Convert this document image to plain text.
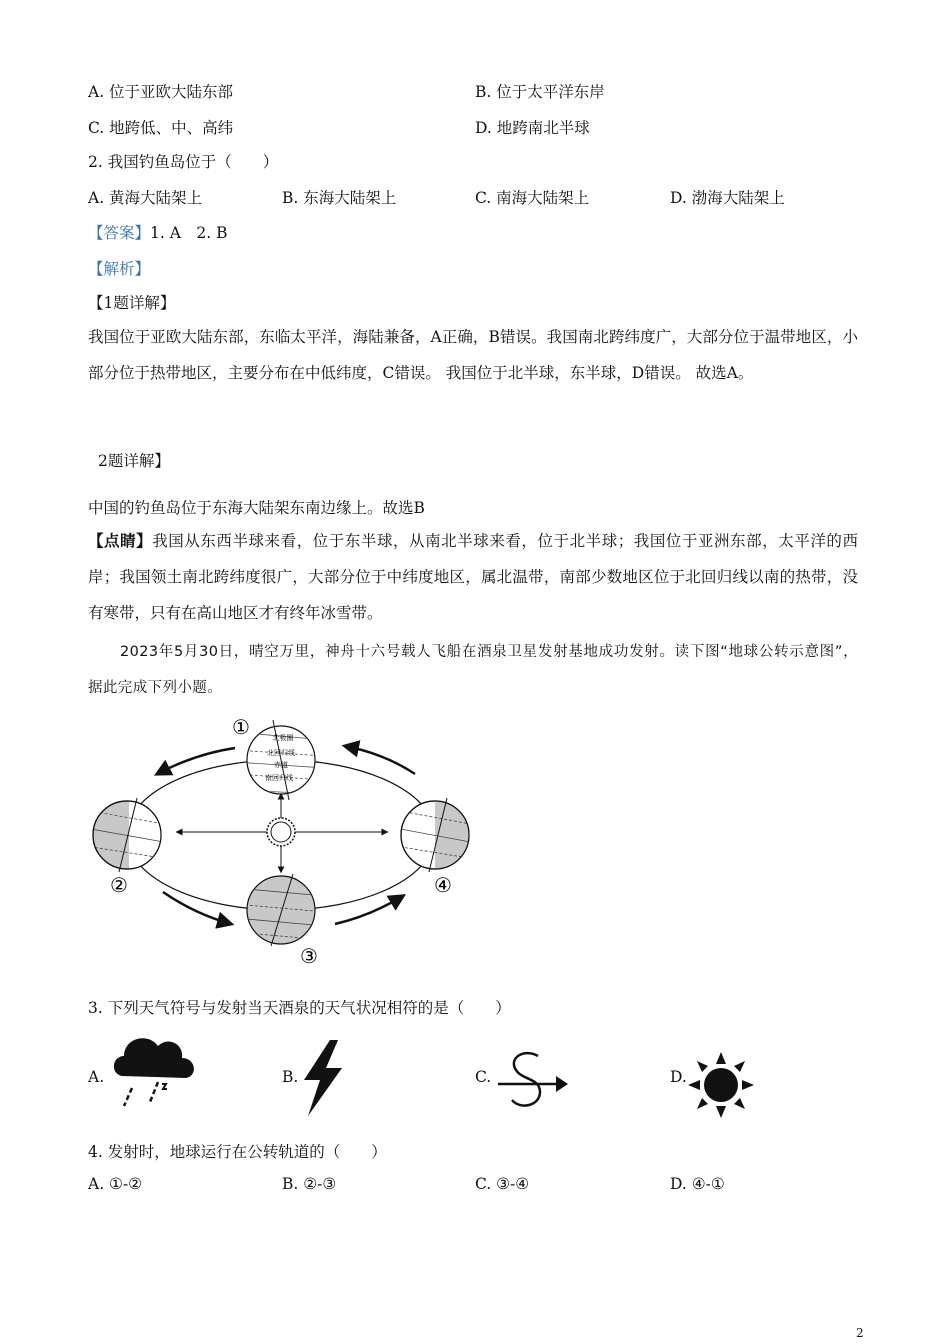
A. 位于亚欧大陆东部	B. 位于太平洋东岸
C. 地跨低、中、高纬	D. 地跨南北半球
2. 我国钓鱼岛位于（　　）
A. 黄海大陆架上	B. 东海大陆架上	C. 南海大陆架上	D. 渤海大陆架上
【答案】1. A　2. B
【解析】
【1题详解】
我国位于亚欧大陆东部，东临太平洋，海陆兼备，A正确，B错误。我国南北跨纬度广，大部分位于温带地区，小部分位于热带地区，主要分布在中低纬度，C错误。 我国位于北半球，东半球，D错误。 故选A。
2题详解】
中国的钓鱼岛位于东海大陆架东南边缘上。故选B
【点睛】我国从东西半球来看，位于东半球，从南北半球来看，位于北半球；我国位于亚洲东部，太平洋的西岸；我国领土南北跨纬度很广，大部分位于中纬度地区，属北温带，南部少数地区位于北回归线以南的热带，没有寒带，只有在高山地区才有终年冰雪带。
2023年5月30日，晴空万里，神舟十六号载人飞船在酒泉卫星发射基地成功发射。读下图“地球公转示意图”，据此完成下列小题。
北极圈
北回归线
赤道
南回归线
①
②
③
④
3. 下列天气符号与发射当天酒泉的天气状况相符的是（　　）
A.	B.	C.	D.
4. 发射时，地球运行在公转轨道的（　　）
A. ①-②	B. ②-③	C. ③-④	D. ④-①
2
